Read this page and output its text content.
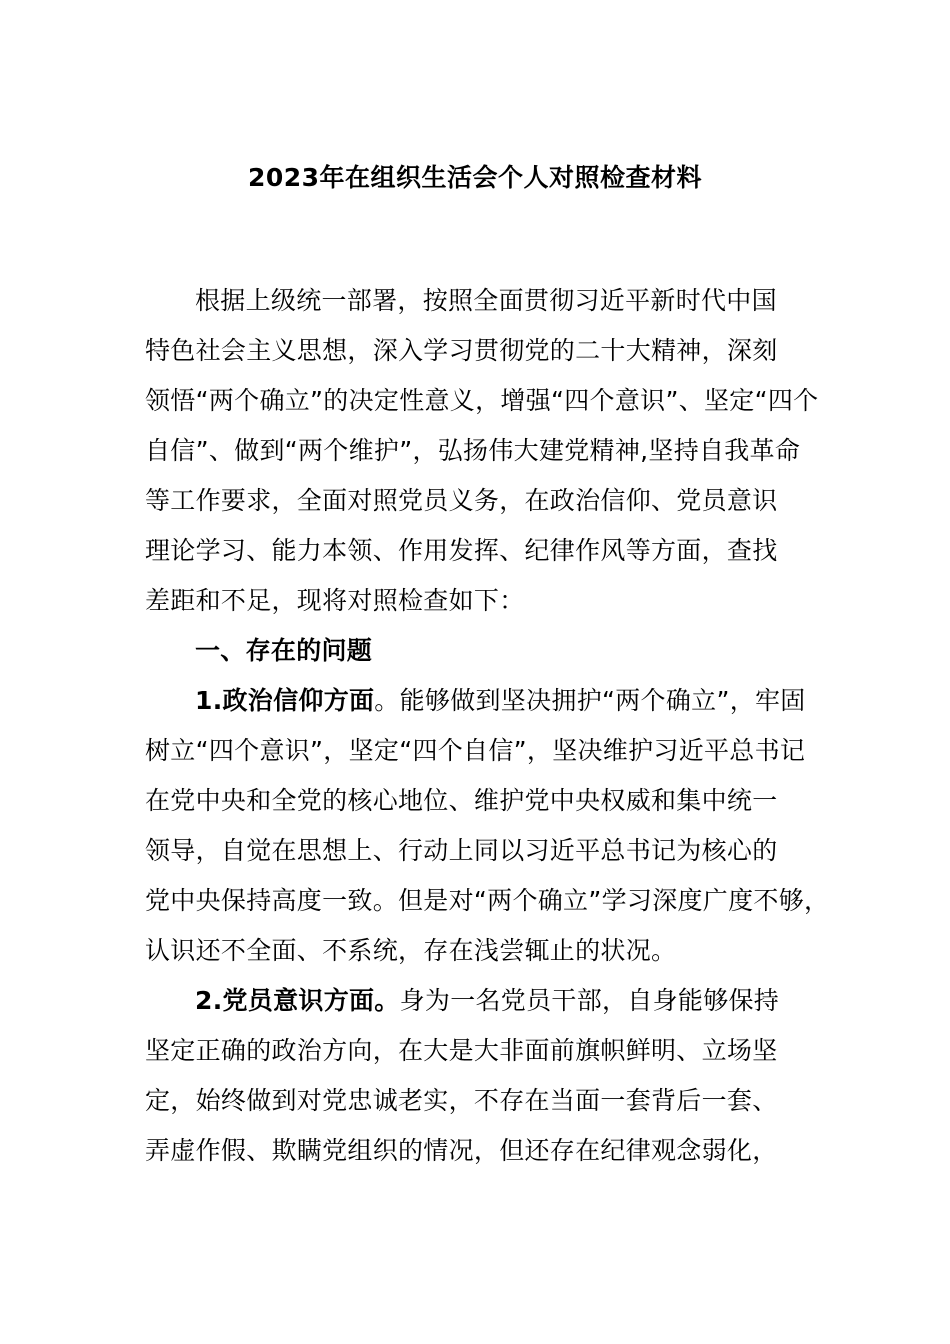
2023年在组织生活会个人对照检查材料
根据上级统一部署，按照全面贯彻习近平新时代中国
特色社会主义思想，深入学习贯彻党的二十大精神，深刻
领悟“两个确立”的决定性意义，增强“四个意识”、坚定“四个
自信”、做到“两个维护”，弘扬伟大建党精神,坚持自我革命
等工作要求，全面对照党员义务，在政治信仰、党员意识
理论学习、能力本领、作用发挥、纪律作风等方面，查找
差距和不足，现将对照检查如下：
一、存在的问题
1.政治信仰方面。能够做到坚决拥护“两个确立”，牢固
树立“四个意识”，坚定“四个自信”，坚决维护习近平总书记
在党中央和全党的核心地位、维护党中央权威和集中统一
领导，自觉在思想上、行动上同以习近平总书记为核心的
党中央保持高度一致。但是对“两个确立”学习深度广度不够，
认识还不全面、不系统，存在浅尝辄止的状况。
2.党员意识方面。身为一名党员干部，自身能够保持
坚定正确的政治方向，在大是大非面前旗帜鲜明、立场坚
定，始终做到对党忠诚老实，不存在当面一套背后一套、
弄虚作假、欺瞒党组织的情况，但还存在纪律观念弱化，
